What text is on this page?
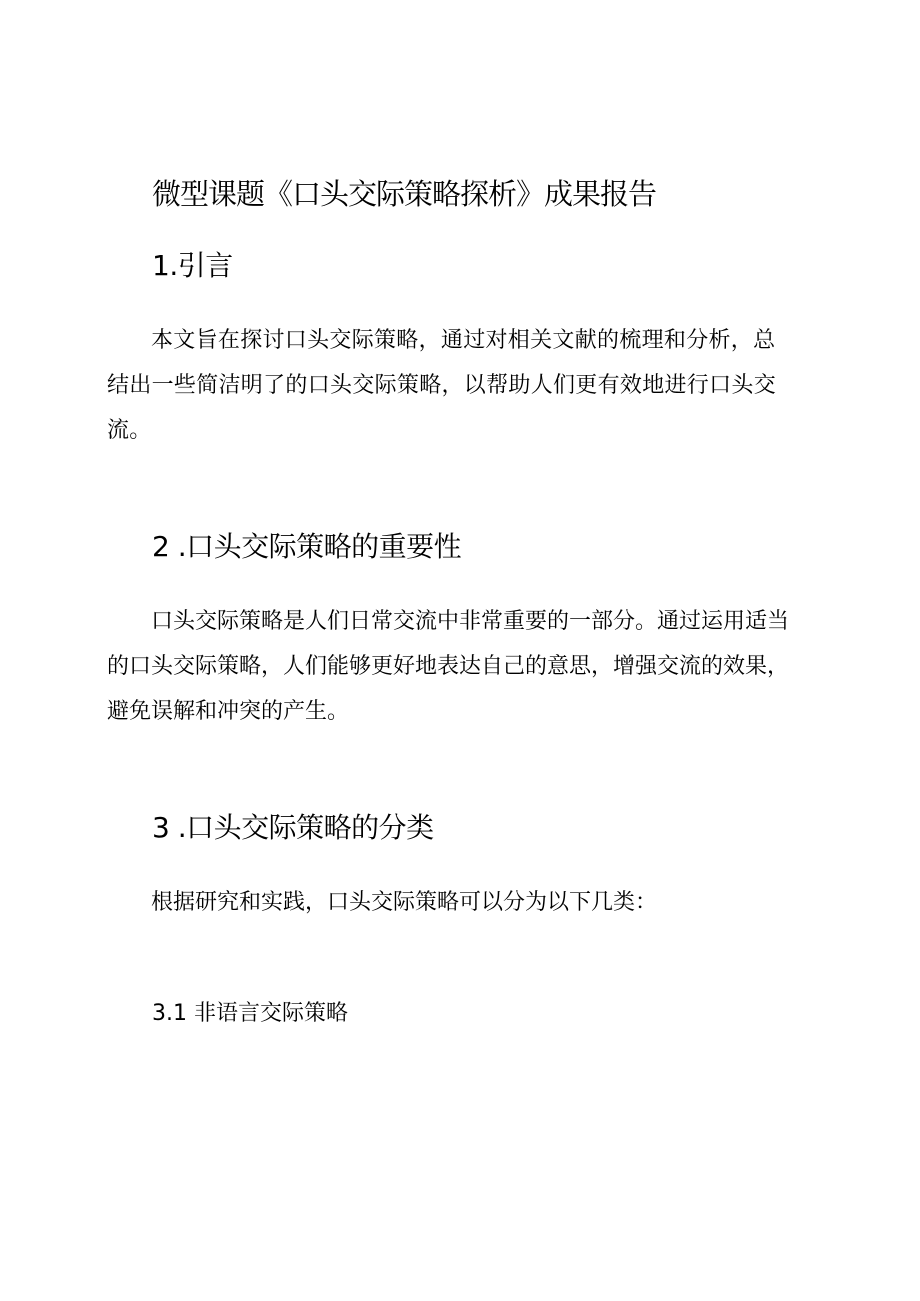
微型课题《口头交际策略探析》成果报告
1.引言
本文旨在探讨口头交际策略，通过对相关文献的梳理和分析，总
结出一些简洁明了的口头交际策略，以帮助人们更有效地进行口头交
流。
2 .口头交际策略的重要性
口头交际策略是人们日常交流中非常重要的一部分。通过运用适当
的口头交际策略，人们能够更好地表达自己的意思，增强交流的效果，
避免误解和冲突的产生。
3 .口头交际策略的分类
根据研究和实践，口头交际策略可以分为以下几类：
3.1 非语言交际策略
